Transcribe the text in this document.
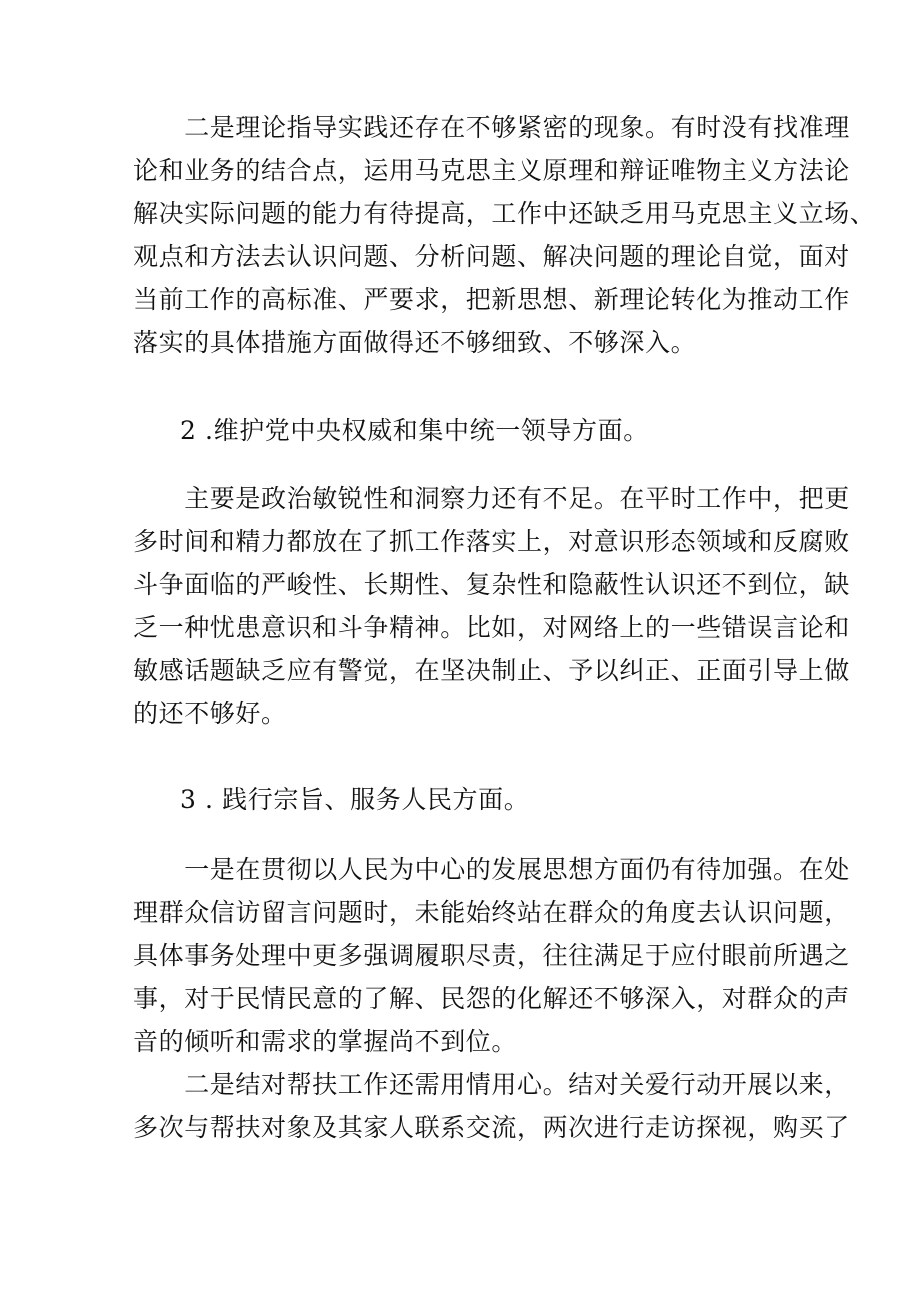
　　二是理论指导实践还存在不够紧密的现象。有时没有找准理
论和业务的结合点，运用马克思主义原理和辩证唯物主义方法论
解决实际问题的能力有待提高，工作中还缺乏用马克思主义立场、
观点和方法去认识问题、分析问题、解决问题的理论自觉，面对
当前工作的高标准、严要求，把新思想、新理论转化为推动工作
落实的具体措施方面做得还不够细致、不够深入。
2 .维护党中央权威和集中统一领导方面。
　　主要是政治敏锐性和洞察力还有不足。在平时工作中，把更
多时间和精力都放在了抓工作落实上，对意识形态领域和反腐败
斗争面临的严峻性、长期性、复杂性和隐蔽性认识还不到位，缺
乏一种忧患意识和斗争精神。比如，对网络上的一些错误言论和
敏感话题缺乏应有警觉，在坚决制止、予以纠正、正面引导上做
的还不够好。
3 . 践行宗旨、服务人民方面。
　　一是在贯彻以人民为中心的发展思想方面仍有待加强。在处
理群众信访留言问题时，未能始终站在群众的角度去认识问题，
具体事务处理中更多强调履职尽责，往往满足于应付眼前所遇之
事，对于民情民意的了解、民怨的化解还不够深入，对群众的声
音的倾听和需求的掌握尚不到位。
　　二是结对帮扶工作还需用情用心。结对关爱行动开展以来，
多次与帮扶对象及其家人联系交流，两次进行走访探视，购买了
